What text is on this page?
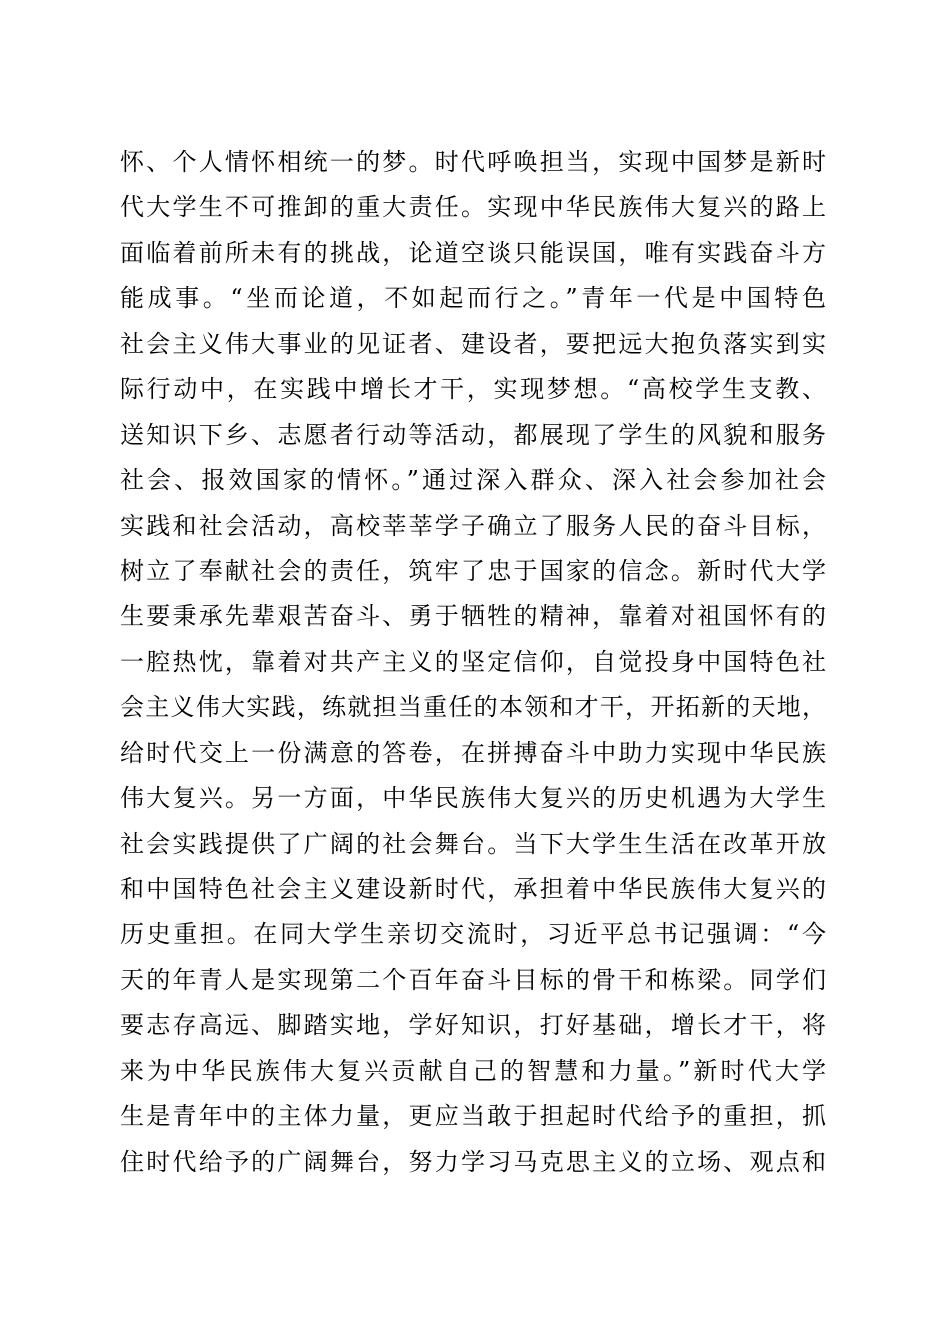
怀、个人情怀相统一的梦。时代呼唤担当，实现中国梦是新时
代大学生不可推卸的重大责任。实现中华民族伟大复兴的路上
面临着前所未有的挑战，论道空谈只能误国，唯有实践奋斗方
能成事。“坐而论道，不如起而行之。”青年一代是中国特色
社会主义伟大事业的见证者、建设者，要把远大抱负落实到实
际行动中，在实践中增长才干，实现梦想。“高校学生支教、
送知识下乡、志愿者行动等活动，都展现了学生的风貌和服务
社会、报效国家的情怀。”通过深入群众、深入社会参加社会
实践和社会活动，高校莘莘学子确立了服务人民的奋斗目标，
树立了奉献社会的责任，筑牢了忠于国家的信念。新时代大学
生要秉承先辈艰苦奋斗、勇于牺牲的精神，靠着对祖国怀有的
一腔热忱，靠着对共产主义的坚定信仰，自觉投身中国特色社
会主义伟大实践，练就担当重任的本领和才干，开拓新的天地，
给时代交上一份满意的答卷，在拼搏奋斗中助力实现中华民族
伟大复兴。另一方面，中华民族伟大复兴的历史机遇为大学生
社会实践提供了广阔的社会舞台。当下大学生生活在改革开放
和中国特色社会主义建设新时代，承担着中华民族伟大复兴的
历史重担。在同大学生亲切交流时，习近平总书记强调：“今
天的年青人是实现第二个百年奋斗目标的骨干和栋梁。同学们
要志存高远、脚踏实地，学好知识，打好基础，增长才干，将
来为中华民族伟大复兴贡献自己的智慧和力量。”新时代大学
生是青年中的主体力量，更应当敢于担起时代给予的重担，抓
住时代给予的广阔舞台，努力学习马克思主义的立场、观点和
